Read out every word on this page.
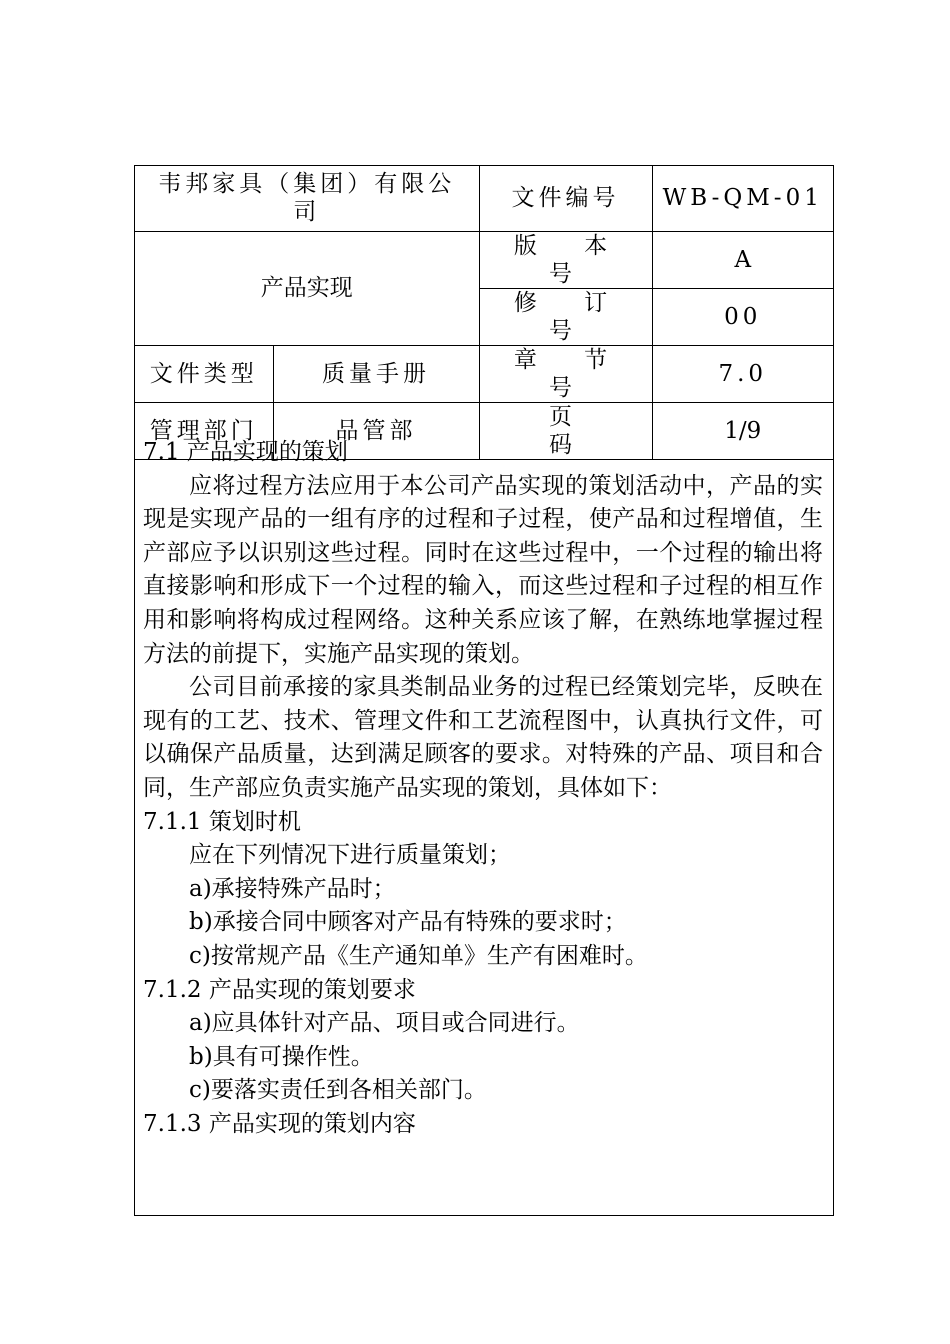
韦邦家具（集团）有限公司		文件编号	WB-QM-01
产品实现		版 本 号	A
		修 订 号	00
文件类型	质量手册	章 节 号	7.0
管理部门	品管部	页 码	1/9

7.1 产品实现的策划

应将过程方法应用于本公司产品实现的策划活动中，产品的实现是实现产品的一组有序的过程和子过程，使产品和过程增值，生产部应予以识别这些过程。同时在这些过程中，一个过程的输出将直接影响和形成下一个过程的输入，而这些过程和子过程的相互作用和影响将构成过程网络。这种关系应该了解，在熟练地掌握过程方法的前提下，实施产品实现的策划。

公司目前承接的家具类制品业务的过程已经策划完毕，反映在现有的工艺、技术、管理文件和工艺流程图中，认真执行文件，可以确保产品质量，达到满足顾客的要求。对特殊的产品、项目和合同，生产部应负责实施产品实现的策划，具体如下：

7.1.1 策划时机

应在下列情况下进行质量策划；

a)承接特殊产品时；

b)承接合同中顾客对产品有特殊的要求时；

c)按常规产品《生产通知单》生产有困难时。

7.1.2 产品实现的策划要求

a)应具体针对产品、项目或合同进行。

b)具有可操作性。

c)要落实责任到各相关部门。

7.1.3 产品实现的策划内容
